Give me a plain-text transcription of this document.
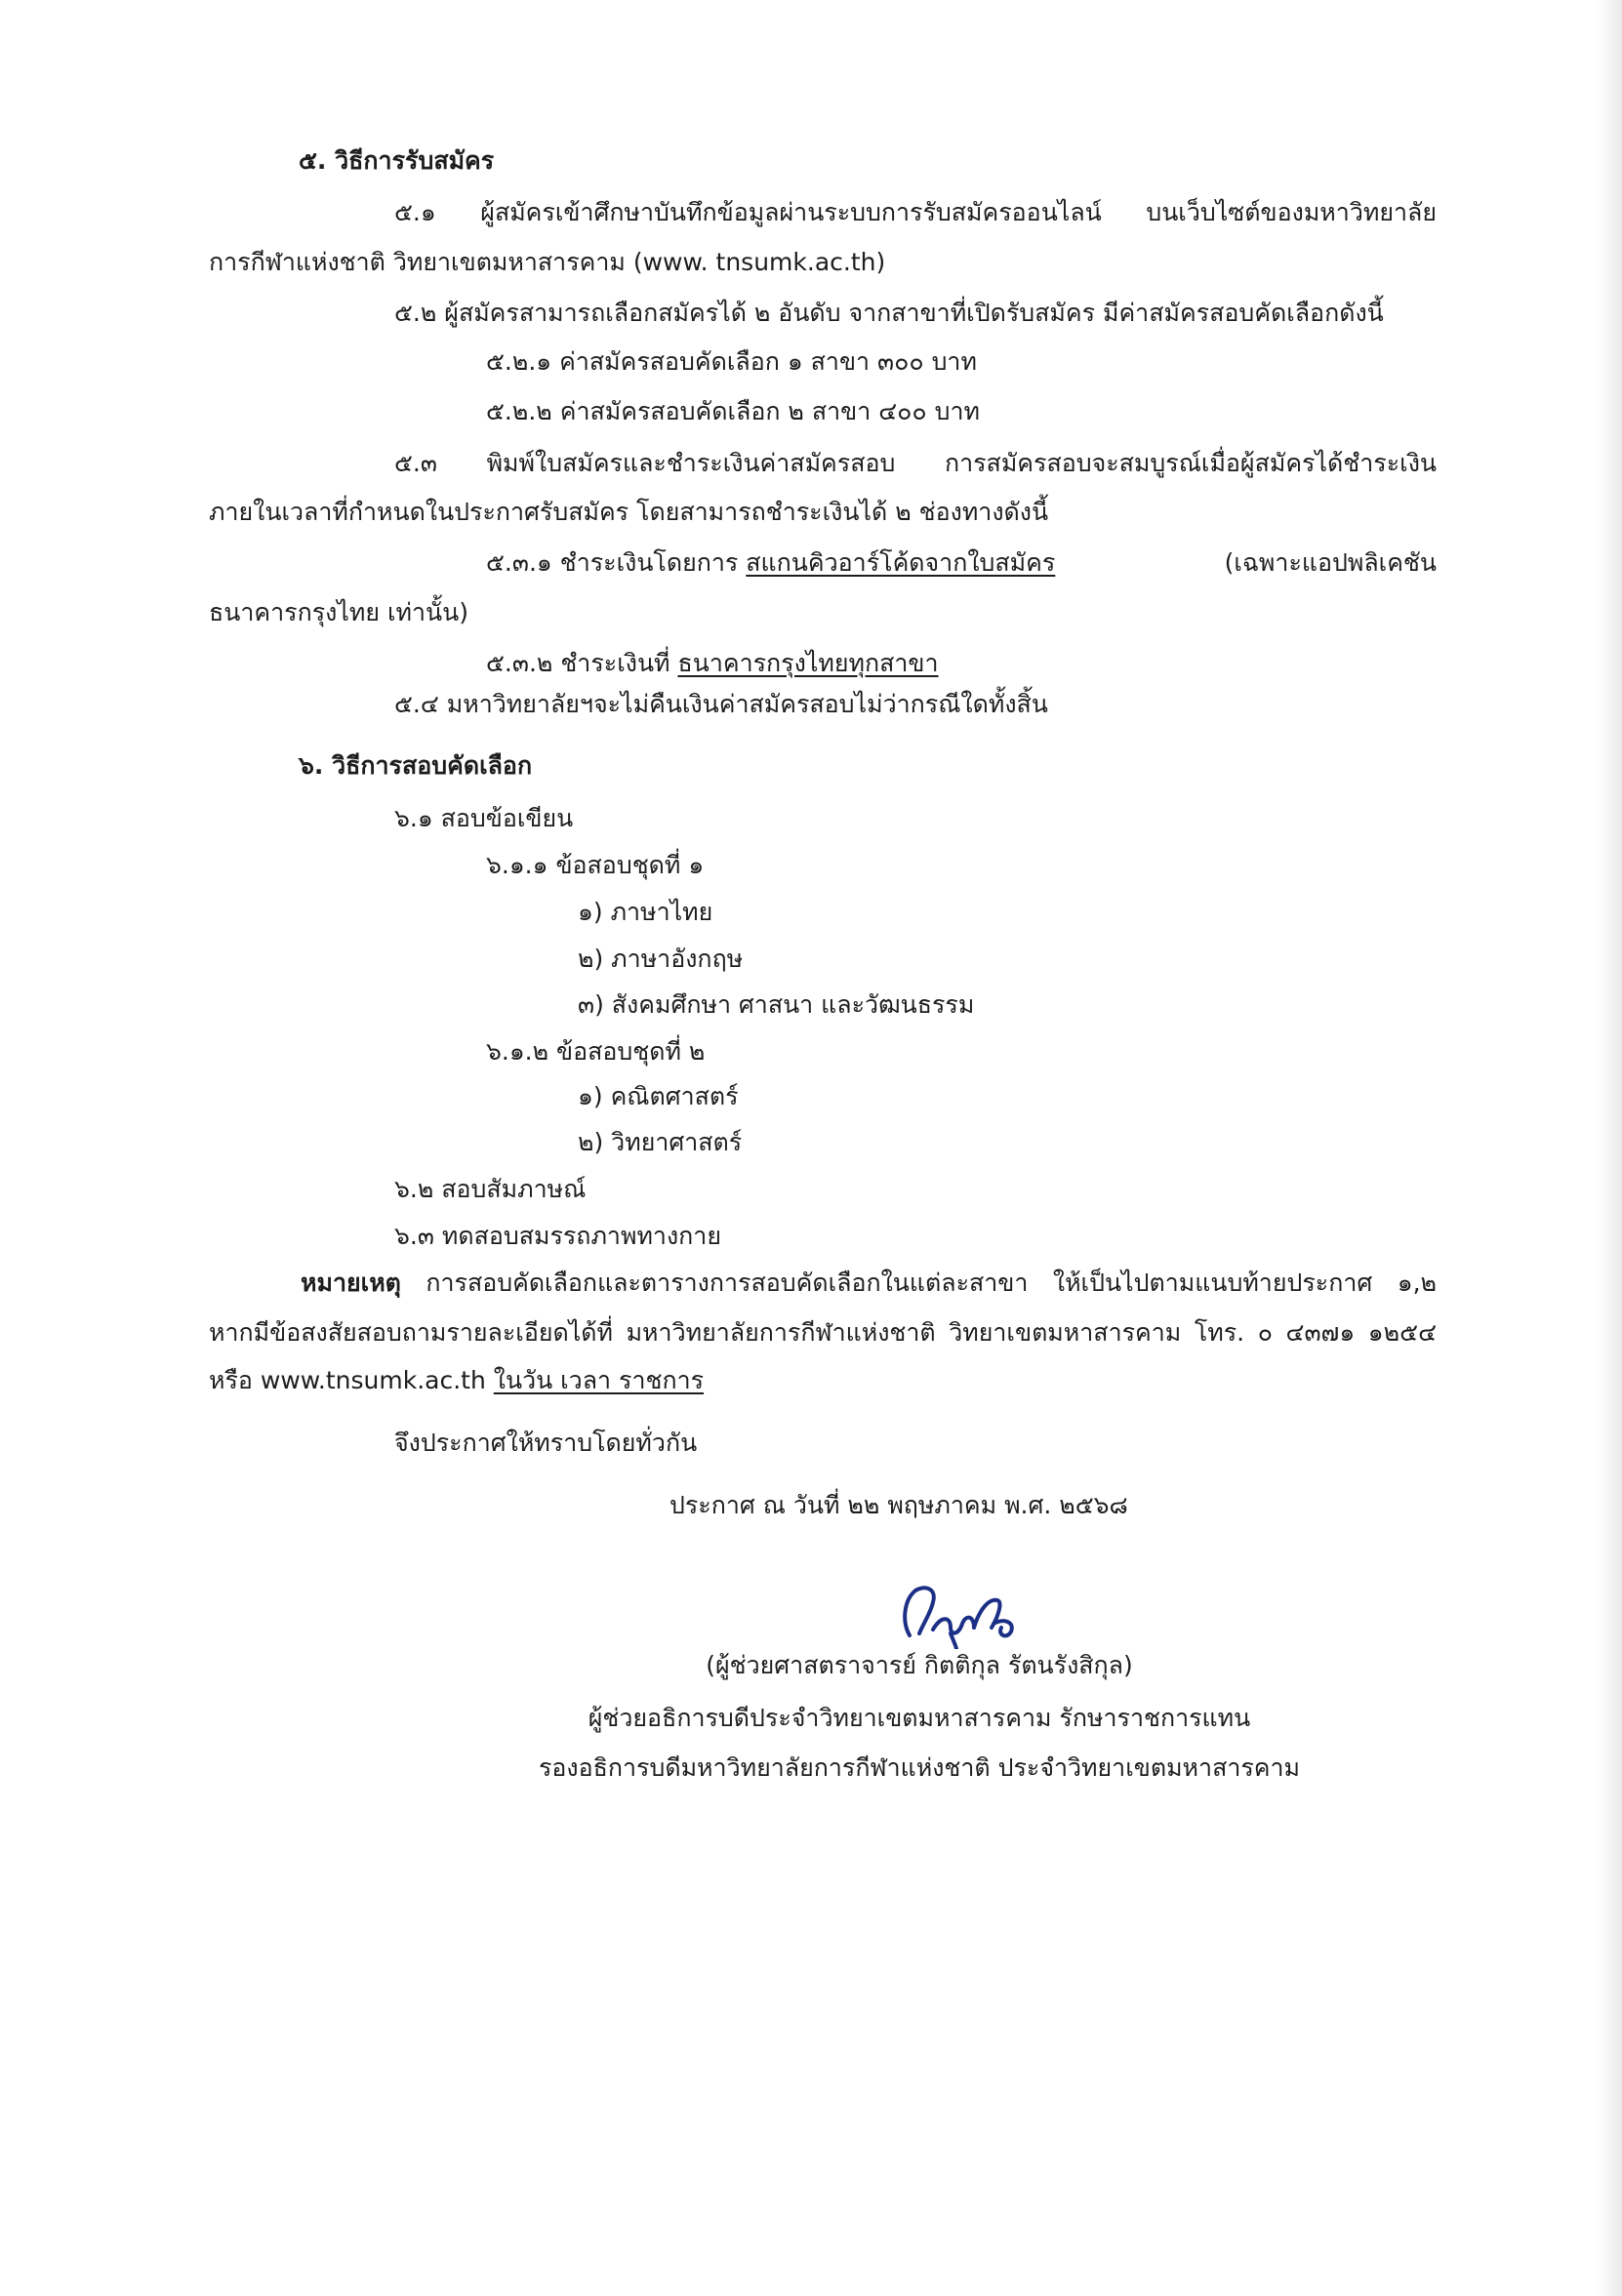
๕. วิธีการรับสมัคร
๕.๑ ผู้สมัครเข้าศึกษาบันทึกข้อมูลผ่านระบบการรับสมัครออนไลน์ บนเว็บไซต์ของมหาวิทยาลัย
การกีฬาแห่งชาติ วิทยาเขตมหาสารคาม (www. tnsumk.ac.th)
๕.๒ ผู้สมัครสามารถเลือกสมัครได้ ๒ อันดับ จากสาขาที่เปิดรับสมัคร มีค่าสมัครสอบคัดเลือกดังนี้
๕.๒.๑ ค่าสมัครสอบคัดเลือก ๑ สาขา ๓๐๐ บาท
๕.๒.๒ ค่าสมัครสอบคัดเลือก ๒ สาขา ๔๐๐ บาท
๕.๓ พิมพ์ใบสมัครและชำระเงินค่าสมัครสอบ การสมัครสอบจะสมบูรณ์เมื่อผู้สมัครได้ชำระเงิน
ภายในเวลาที่กำหนดในประกาศรับสมัคร โดยสามารถชำระเงินได้ ๒ ช่องทางดังนี้
๕.๓.๑ ชำระเงินโดยการ สแกนคิวอาร์โค้ดจากใบสมัคร	(เฉพาะแอปพลิเคชัน
ธนาคารกรุงไทย เท่านั้น)
๕.๓.๒ ชำระเงินที่ ธนาคารกรุงไทยทุกสาขา
๕.๔ มหาวิทยาลัยฯจะไม่คืนเงินค่าสมัครสอบไม่ว่ากรณีใดทั้งสิ้น
๖. วิธีการสอบคัดเลือก
๖.๑ สอบข้อเขียน
๖.๑.๑ ข้อสอบชุดที่ ๑
๑) ภาษาไทย
๒) ภาษาอังกฤษ
๓) สังคมศึกษา ศาสนา และวัฒนธรรม
๖.๑.๒ ข้อสอบชุดที่ ๒
๑) คณิตศาสตร์
๒) วิทยาศาสตร์
๖.๒ สอบสัมภาษณ์
๖.๓ ทดสอบสมรรถภาพทางกาย
หมายเหตุ การสอบคัดเลือกและตารางการสอบคัดเลือกในแต่ละสาขา ให้เป็นไปตามแนบท้ายประกาศ ๑,๒
หากมีข้อสงสัยสอบถามรายละเอียดได้ที่ มหาวิทยาลัยการกีฬาแห่งชาติ วิทยาเขตมหาสารคาม โทร. ๐ ๔๓๗๑ ๑๒๕๔
หรือ www.tnsumk.ac.th ในวัน เวลา ราชการ
จึงประกาศให้ทราบโดยทั่วกัน
ประกาศ ณ วันที่ ๒๒ พฤษภาคม พ.ศ. ๒๕๖๘
(ผู้ช่วยศาสตราจารย์ กิตติกุล รัตนรังสิกุล)
ผู้ช่วยอธิการบดีประจำวิทยาเขตมหาสารคาม รักษาราชการแทน
รองอธิการบดีมหาวิทยาลัยการกีฬาแห่งชาติ ประจำวิทยาเขตมหาสารคาม
